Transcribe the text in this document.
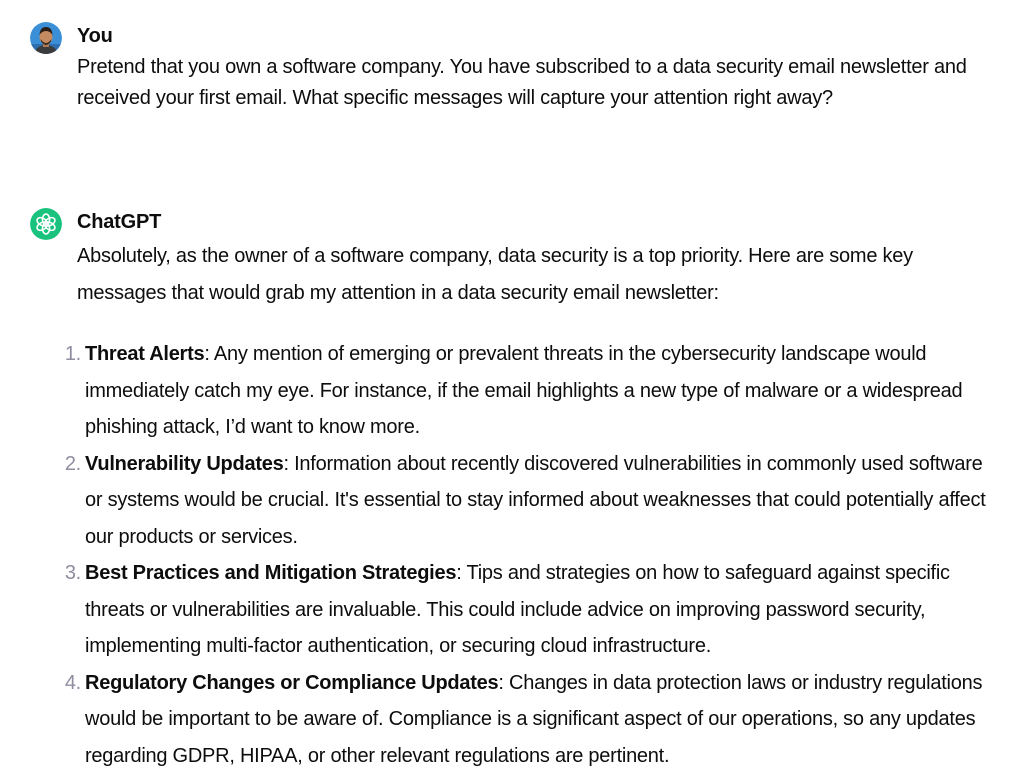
You

Pretend that you own a software company. You have subscribed to a data security email newsletter and received your first email. What specific messages will capture your attention right away?

ChatGPT

Absolutely, as the owner of a software company, data security is a top priority. Here are some key messages that would grab my attention in a data security email newsletter:

1. Threat Alerts: Any mention of emerging or prevalent threats in the cybersecurity landscape would immediately catch my eye. For instance, if the email highlights a new type of malware or a widespread phishing attack, I’d want to know more.
2. Vulnerability Updates: Information about recently discovered vulnerabilities in commonly used software or systems would be crucial. It's essential to stay informed about weaknesses that could potentially affect our products or services.
3. Best Practices and Mitigation Strategies: Tips and strategies on how to safeguard against specific threats or vulnerabilities are invaluable. This could include advice on improving password security, implementing multi-factor authentication, or securing cloud infrastructure.
4. Regulatory Changes or Compliance Updates: Changes in data protection laws or industry regulations would be important to be aware of. Compliance is a significant aspect of our operations, so any updates regarding GDPR, HIPAA, or other relevant regulations are pertinent.
